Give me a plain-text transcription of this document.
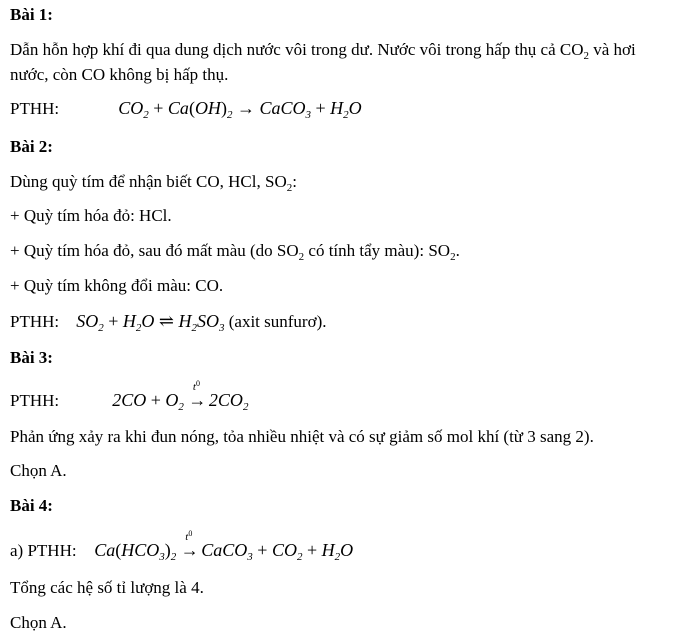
Bài 1:
Dẫn hỗn hợp khí đi qua dung dịch nước vôi trong dư. Nước vôi trong hấp thụ cả $CO_2$ và hơi nước, còn CO không bị hấp thụ.
PTHH:	$CO_2 + Ca(OH)_2$ → CaCO$_3$ + $H_2O$
Bài 2:
Dùng quỳ tím để nhận biết CO, HCl, $SO_2$:
+ Quỳ tím hóa đỏ: HCl.
+ Quỳ tím hóa đỏ, sau đó mất màu (do $SO_2$ có tính tẩy màu): $SO_2$.
+ Quỳ tím không đổi màu: CO.
PTHH: $SO_2 + H_2O$ ⇌ $H_2SO_3$ (axit sunfurơ).
Bài 3:
PTHH:	$2CO + O_2$
$t^0$
→ $2CO_2$
Phản ứng xảy ra khi đun nóng, tỏa nhiều nhiệt và có sự giảm số mol khí (từ 3 sang 2).
Chọn A.
Bài 4:
a) PTHH: $Ca(HCO_3)_2$
$t^0$
→ CaCO$_3$ + $CO_2 + H_2O$
Tổng các hệ số tỉ lượng là 4.
Chọn A.
